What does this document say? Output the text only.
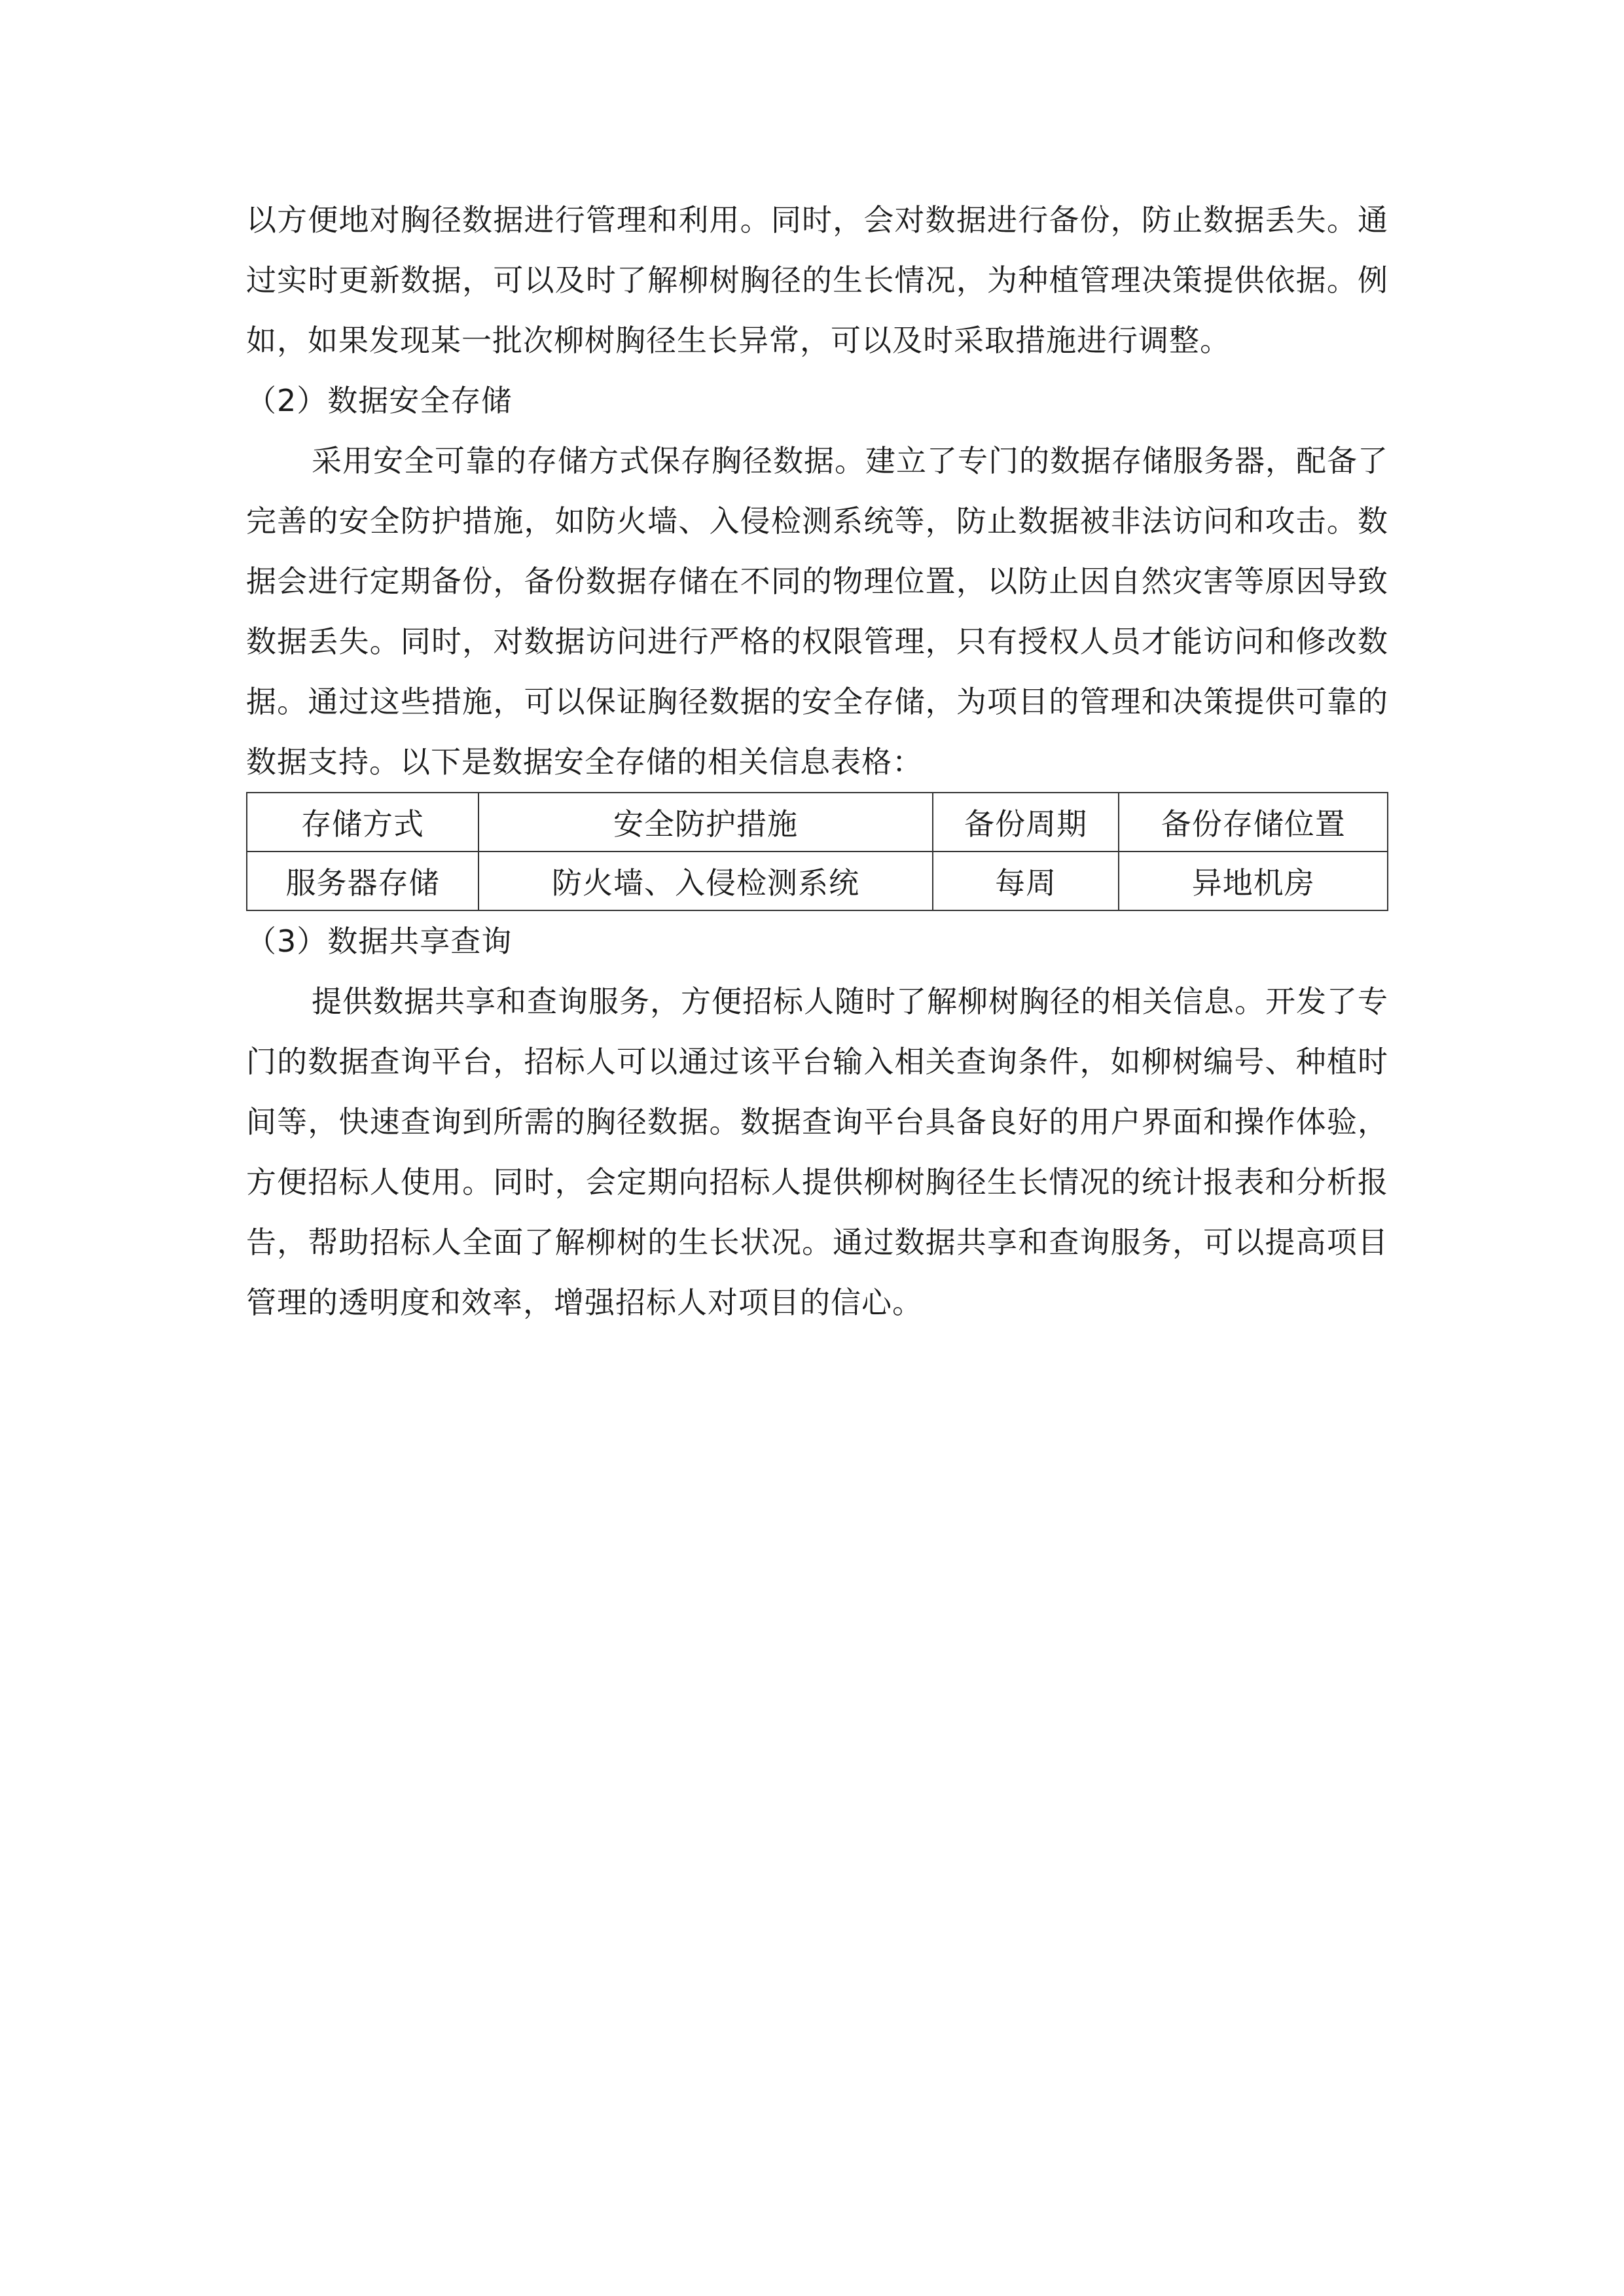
以方便地对胸径数据进行管理和利用。同时，会对数据进行备份，防止数据丢失。通过实时更新数据，可以及时了解柳树胸径的生长情况，为种植管理决策提供依据。例如，如果发现某一批次柳树胸径生长异常，可以及时采取措施进行调整。

（2）数据安全存储

采用安全可靠的存储方式保存胸径数据。建立了专门的数据存储服务器，配备了完善的安全防护措施，如防火墙、入侵检测系统等，防止数据被非法访问和攻击。数据会进行定期备份，备份数据存储在不同的物理位置，以防止因自然灾害等原因导致数据丢失。同时，对数据访问进行严格的权限管理，只有授权人员才能访问和修改数据。通过这些措施，可以保证胸径数据的安全存储，为项目的管理和决策提供可靠的数据支持。以下是数据安全存储的相关信息表格：

存储方式	安全防护措施	备份周期	备份存储位置
服务器存储	防火墙、入侵检测系统	每周	异地机房

（3）数据共享查询

提供数据共享和查询服务，方便招标人随时了解柳树胸径的相关信息。开发了专门的数据查询平台，招标人可以通过该平台输入相关查询条件，如柳树编号、种植时间等，快速查询到所需的胸径数据。数据查询平台具备良好的用户界面和操作体验，方便招标人使用。同时，会定期向招标人提供柳树胸径生长情况的统计报表和分析报告，帮助招标人全面了解柳树的生长状况。通过数据共享和查询服务，可以提高项目管理的透明度和效率，增强招标人对项目的信心。
